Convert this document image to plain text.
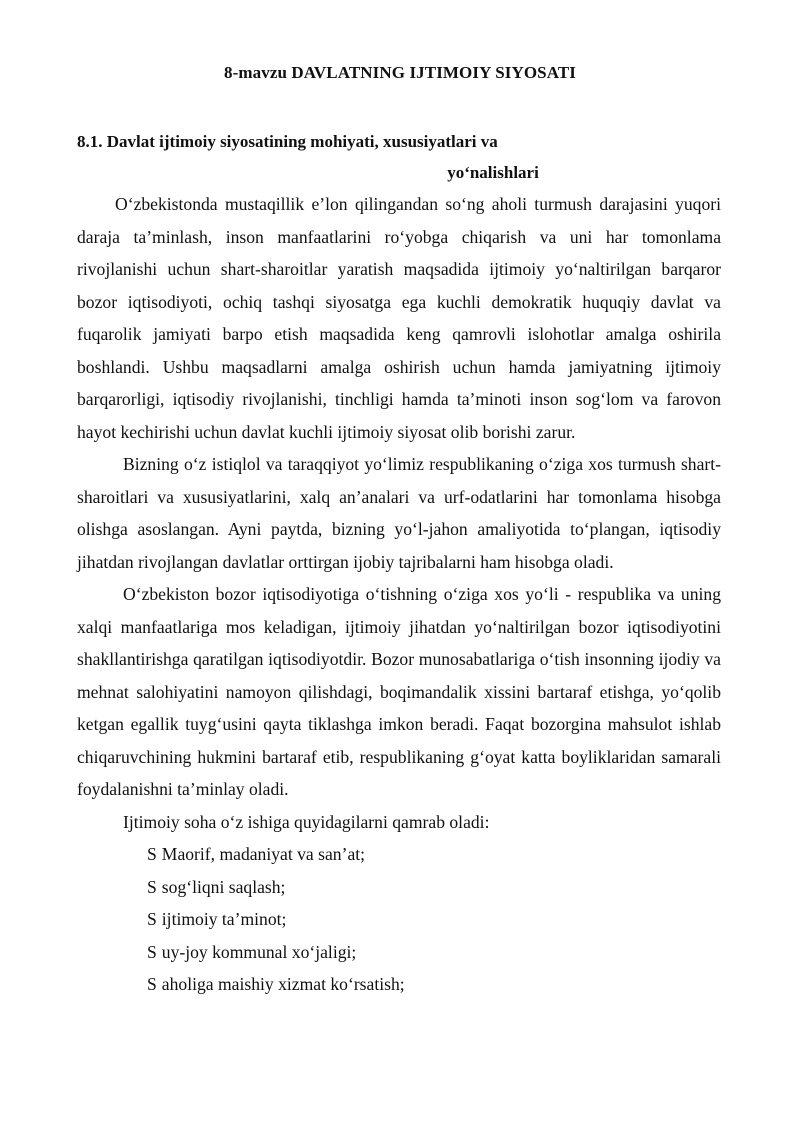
8-mavzu DAVLATNING IJTIMOIY SIYOSATI
8.1. Davlat ijtimoiy siyosatining mohiyati, xususiyatlari va
yo‘nalishlari

O‘zbekistonda mustaqillik e’lon qilingandan so‘ng aholi turmush darajasini yuqori daraja ta’minlash, inson manfaatlarini ro‘yobga chiqarish va uni har tomonlama rivojlanishi uchun shart-sharoitlar yaratish maqsadida ijtimoiy yo‘naltirilgan barqaror bozor iqtisodiyoti, ochiq tashqi siyosatga ega kuchli demokratik huquqiy davlat va fuqarolik jamiyati barpo etish maqsadida keng qamrovli islohotlar amalga oshirila boshlandi. Ushbu maqsadlarni amalga oshirish uchun hamda jamiyatning ijtimoiy barqarorligi, iqtisodiy rivojlanishi, tinchligi hamda ta’minoti inson sog‘lom va farovon hayot kechirishi uchun davlat kuchli ijtimoiy siyosat olib borishi zarur.

Bizning o‘z istiqlol va taraqqiyot yo‘limiz respublikaning o‘ziga xos turmush shart-sharoitlari va xususiyatlarini, xalq an’analari va urf-odatlarini har tomonlama hisobga olishga asoslangan. Ayni paytda, bizning yo‘l-jahon amaliyotida to‘plangan, iqtisodiy jihatdan rivojlangan davlatlar orttirgan ijobiy tajribalarni ham hisobga oladi.

O‘zbekiston bozor iqtisodiyotiga o‘tishning o‘ziga xos yo‘li - respublika va uning xalqi manfaatlariga mos keladigan, ijtimoiy jihatdan yo‘naltirilgan bozor iqtisodiyotini shakllantirishga qaratilgan iqtisodiyotdir. Bozor munosabatlariga o‘tish insonning ijodiy va mehnat salohiyatini namoyon qilishdagi, boqimandalik xissini bartaraf etishga, yo‘qolib ketgan egallik tuyg‘usini qayta tiklashga imkon beradi. Faqat bozorgina mahsulot ishlab chiqaruvchining hukmini bartaraf etib, respublikaning g‘oyat katta boyliklaridan samarali foydalanishni ta’minlay oladi.

Ijtimoiy soha o‘z ishiga quyidagilarni qamrab oladi:

S Maorif, madaniyat va san’at;
S sog‘liqni saqlash;
S ijtimoiy ta’minot;
S uy-joy kommunal xo‘jaligi;
S aholiga maishiy xizmat ko‘rsatish;
